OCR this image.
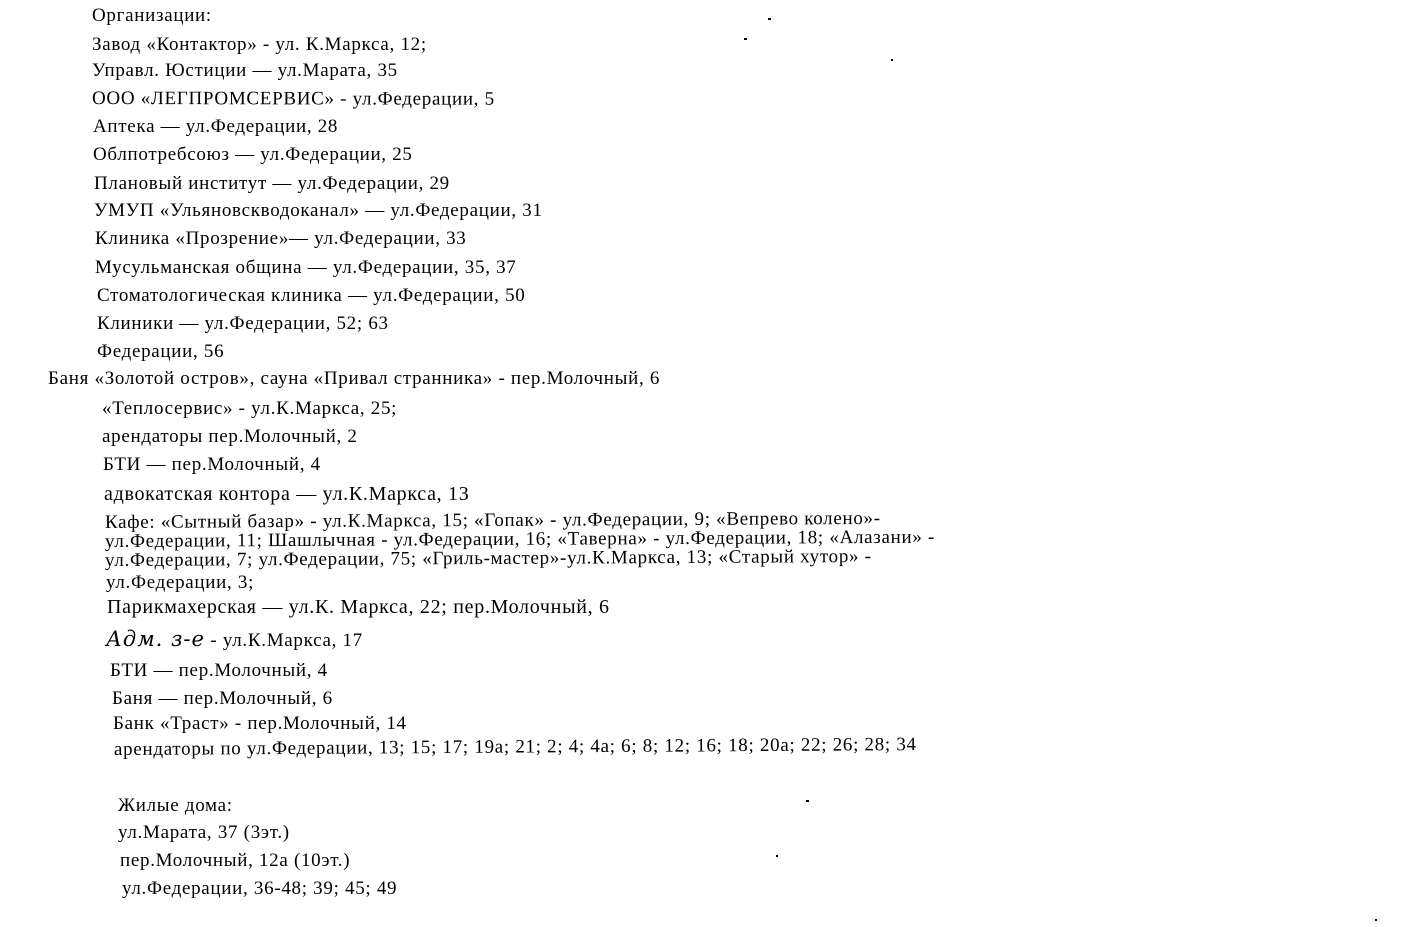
Организации:
Завод «Контактор» - ул. К.Маркса, 12;
Управл. Юстиции — ул.Марата, 35
ООО «ЛЕГПРОМСЕРВИС» - ул.Федерации, 5
Аптека — ул.Федерации, 28
Облпотребсоюз — ул.Федерации, 25
Плановый институт — ул.Федерации, 29
УМУП «Ульяновскводоканал» — ул.Федерации, 31
Клиника «Прозрение»— ул.Федерации, 33
Мусульманская община — ул.Федерации, 35, 37
Стоматологическая клиника — ул.Федерации, 50
Клиники — ул.Федерации, 52; 63
Федерации, 56
Баня «Золотой остров», сауна «Привал странника» - пер.Молочный, 6
«Теплосервис» - ул.К.Маркса, 25;
арендаторы пер.Молочный, 2
БТИ — пер.Молочный, 4
адвокатская контора — ул.К.Маркса, 13
Кафе: «Сытный базар» - ул.К.Маркса, 15; «Гопак» - ул.Федерации, 9; «Вепрево колено»-
ул.Федерации, 11; Шашлычная - ул.Федерации, 16; «Таверна» - ул.Федерации, 18; «Алазани» -
ул.Федерации, 7; ул.Федерации, 75; «Гриль-мастер»-ул.К.Маркса, 13; «Старый хутор» -
ул.Федерации, 3;
Парикмахерская — ул.К. Маркса, 22; пер.Молочный, 6
Адм. з-е - ул.К.Маркса, 17
БТИ — пер.Молочный, 4
Баня — пер.Молочный, 6
Банк «Траст» - пер.Молочный, 14
арендаторы по ул.Федерации, 13; 15; 17; 19а; 21; 2; 4; 4а; 6; 8; 12; 16; 18; 20а; 22; 26; 28; 34
Жилые дома:
ул.Марата, 37 (3эт.)
пер.Молочный, 12а (10эт.)
ул.Федерации, 36-48; 39; 45; 49
